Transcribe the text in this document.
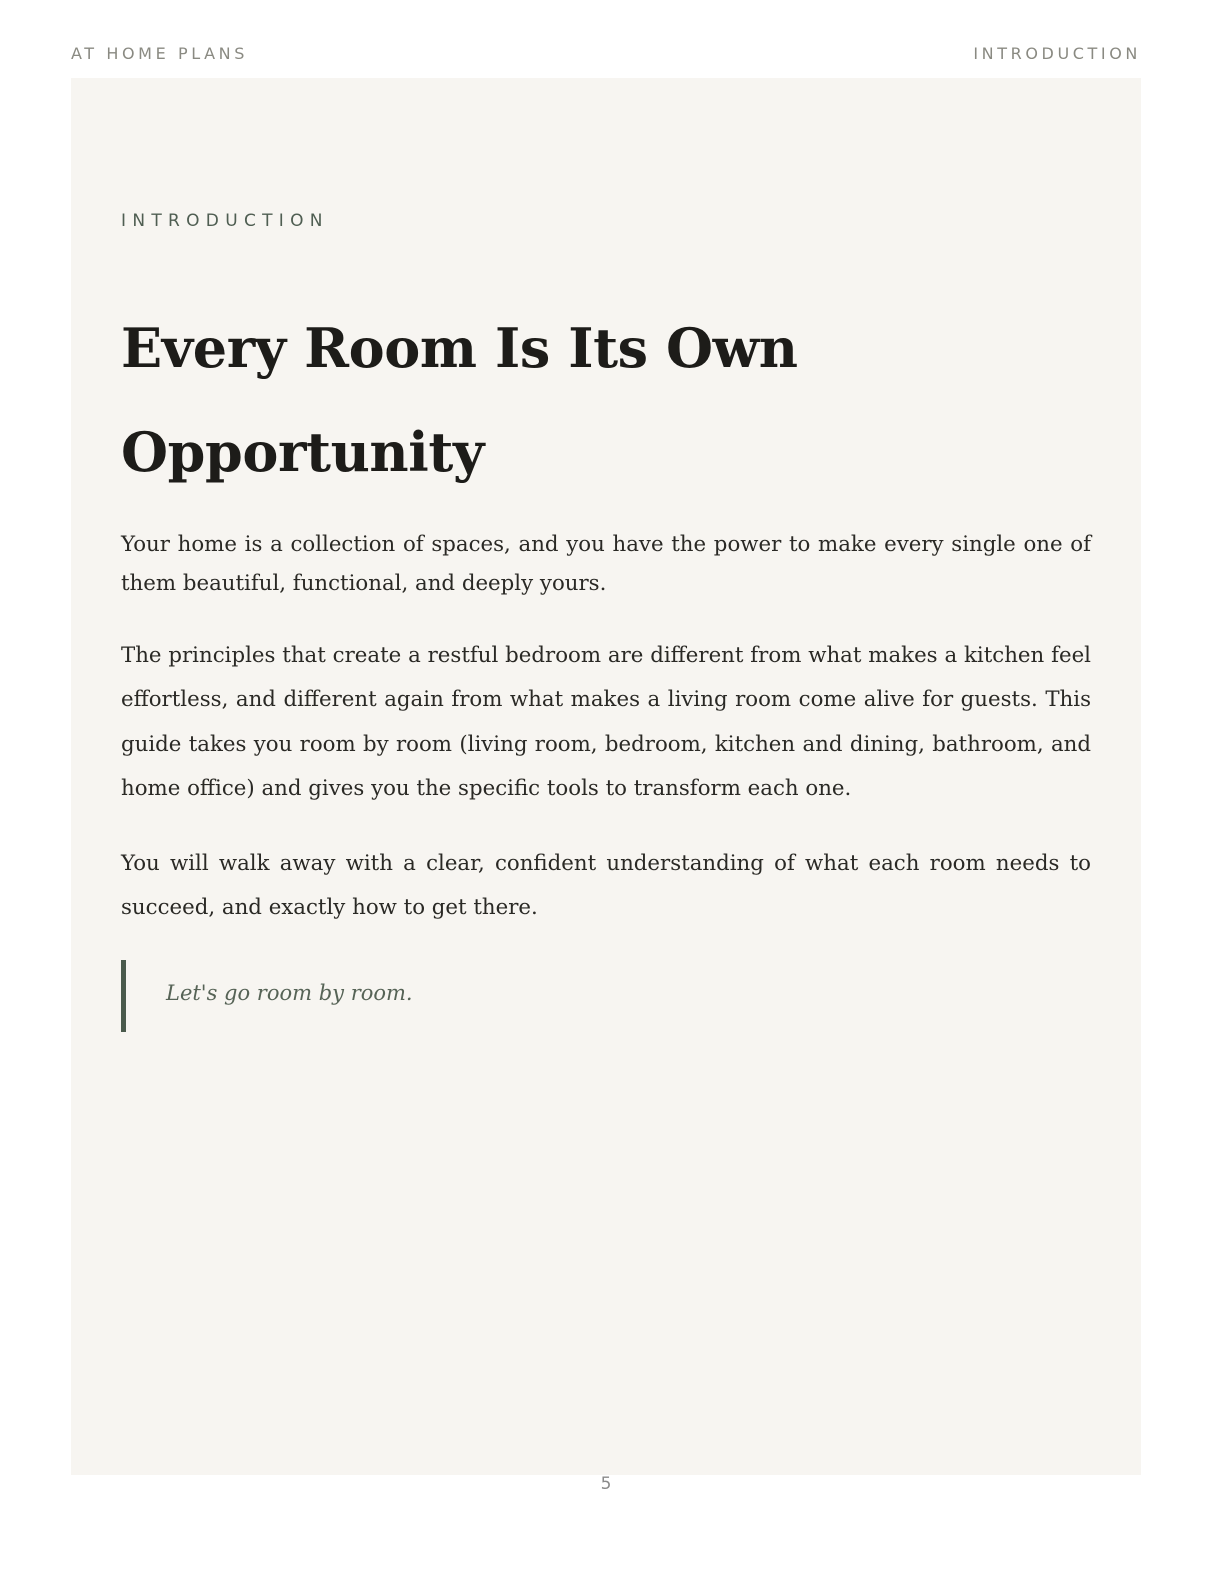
AT HOME PLANS	INTRODUCTION
INTRODUCTION
Every Room Is Its Own Opportunity

Your home is a collection of spaces, and you have the power to make every single one of them beautiful, functional, and deeply yours.

The principles that create a restful bedroom are different from what makes a kitchen feel effortless, and different again from what makes a living room come alive for guests. This guide takes you room by room (living room, bedroom, kitchen and dining, bathroom, and home office) and gives you the specific tools to transform each one.

You will walk away with a clear, confident understanding of what each room needs to succeed, and exactly how to get there.

Let's go room by room.
5
